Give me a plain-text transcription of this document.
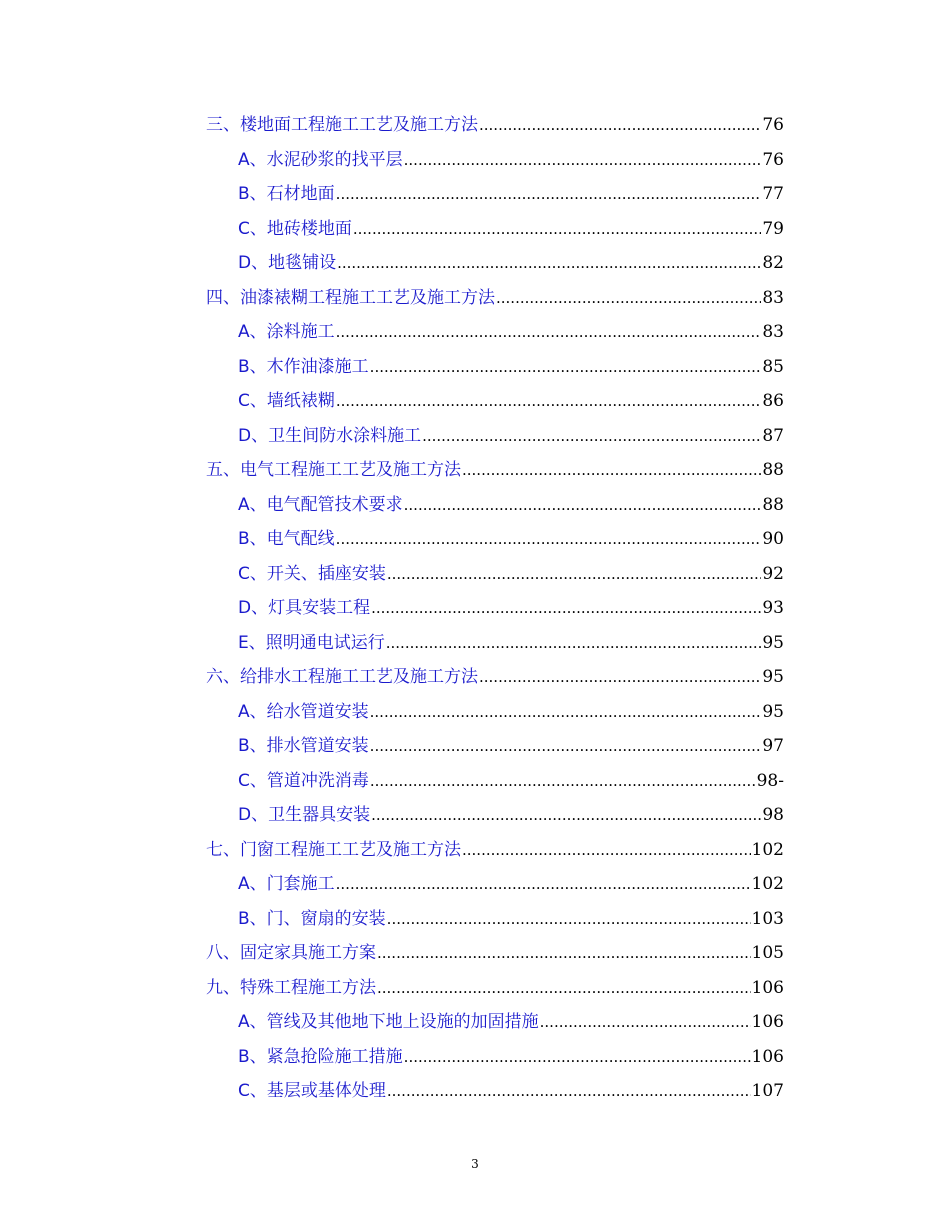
三、楼地面工程施工工艺及施工方法 .....	76
A、水泥砂浆的找平层 .....	76
B、石材地面 .....	77
C、地砖楼地面 .....	79
D、地毯铺设 .....	82
四、油漆裱糊工程施工工艺及施工方法 .....	83
A、涂料施工 .....	83
B、木作油漆施工 .....	85
C、墙纸裱糊 .....	86
D、卫生间防水涂料施工 .....	87
五、电气工程施工工艺及施工方法 .....	88
A、电气配管技术要求 .....	88
B、电气配线 .....	90
C、开关、插座安装 .....	92
D、灯具安装工程 .....	93
E、照明通电试运行 .....	95
六、给排水工程施工工艺及施工方法 .....	95
A、给水管道安装 .....	95
B、排水管道安装 .....	97
C、管道冲洗消毒 .....	98-
D、卫生器具安装 .....	98
七、门窗工程施工工艺及施工方法 .....	102
A、门套施工 .....	102
B、门、窗扇的安装 .....	103
八、固定家具施工方案 .....	105
九、特殊工程施工方法 .....	106
A、管线及其他地下地上设施的加固措施 .....	106
B、紧急抢险施工措施 .....	106
C、基层或基体处理 .....	107
3
